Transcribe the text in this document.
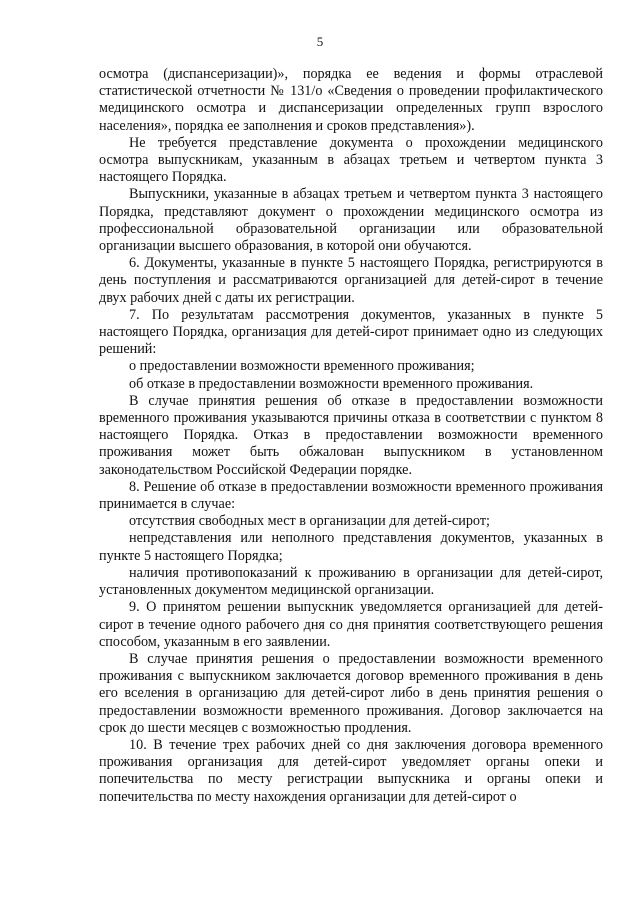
5

осмотра (диспансеризации)», порядка ее ведения и формы отраслевой статистической отчетности № 131/о «Сведения о проведении профилактического медицинского осмотра и диспансеризации определенных групп взрослого населения», порядка ее заполнения и сроков представления»).

Не требуется представление документа о прохождении медицинского осмотра выпускникам, указанным в абзацах третьем и четвертом пункта 3 настоящего Порядка.

Выпускники, указанные в абзацах третьем и четвертом пункта 3 настоящего Порядка, представляют документ о прохождении медицинского осмотра из профессиональной образовательной организации или образовательной организации высшего образования, в которой они обучаются.

6. Документы, указанные в пункте 5 настоящего Порядка, регистрируются в день поступления и рассматриваются организацией для детей-сирот в течение двух рабочих дней с даты их регистрации.

7. По результатам рассмотрения документов, указанных в пункте 5 настоящего Порядка, организация для детей-сирот принимает одно из следующих решений:

о предоставлении возможности временного проживания;

об отказе в предоставлении возможности временного проживания.

В случае принятия решения об отказе в предоставлении возможности временного проживания указываются причины отказа в соответствии с пунктом 8 настоящего Порядка. Отказ в предоставлении возможности временного проживания может быть обжалован выпускником в установленном законодательством Российской Федерации порядке.

8. Решение об отказе в предоставлении возможности временного проживания принимается в случае:

отсутствия свободных мест в организации для детей-сирот;

непредставления или неполного представления документов, указанных в пункте 5 настоящего Порядка;

наличия противопоказаний к проживанию в организации для детей-сирот, установленных документом медицинской организации.

9. О принятом решении выпускник уведомляется организацией для детей-сирот в течение одного рабочего дня со дня принятия соответствующего решения способом, указанным в его заявлении.

В случае принятия решения о предоставлении возможности временного проживания с выпускником заключается договор временного проживания в день его вселения в организацию для детей-сирот либо в день принятия решения о предоставлении возможности временного проживания. Договор заключается на срок до шести месяцев с возможностью продления.

10. В течение трех рабочих дней со дня заключения договора временного проживания организация для детей-сирот уведомляет органы опеки и попечительства по месту регистрации выпускника и органы опеки и попечительства по месту нахождения организации для детей-сирот о
